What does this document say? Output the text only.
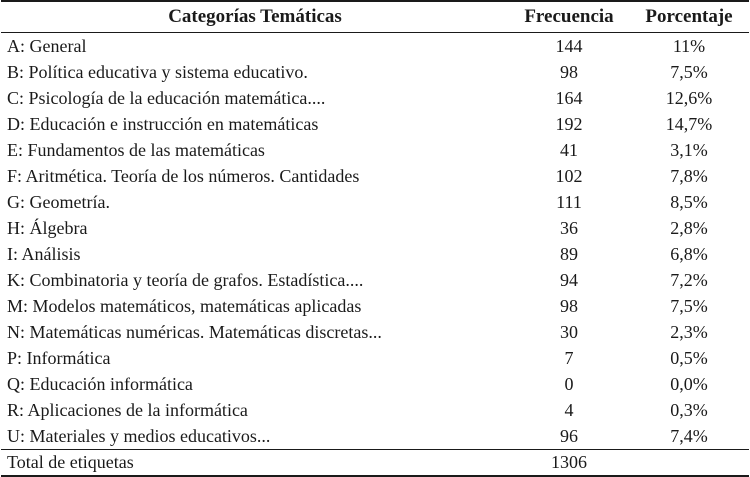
Categorías Temáticas	Frecuencia	Porcentaje
A: General	144	11%
B: Política educativa y sistema educativo.	98	7,5%
C: Psicología de la educación matemática....	164	12,6%
D: Educación e instrucción en matemáticas	192	14,7%
E: Fundamentos de las matemáticas	41	3,1%
F: Aritmética. Teoría de los números. Cantidades	102	7,8%
G: Geometría.	111	8,5%
H: Álgebra	36	2,8%
I: Análisis	89	6,8%
K: Combinatoria y teoría de grafos. Estadística....	94	7,2%
M: Modelos matemáticos, matemáticas aplicadas	98	7,5%
N: Matemáticas numéricas. Matemáticas discretas...	30	2,3%
P: Informática	7	0,5%
Q: Educación informática	0	0,0%
R: Aplicaciones de la informática	4	0,3%
U: Materiales y medios educativos...	96	7,4%
Total de etiquetas	1306	
